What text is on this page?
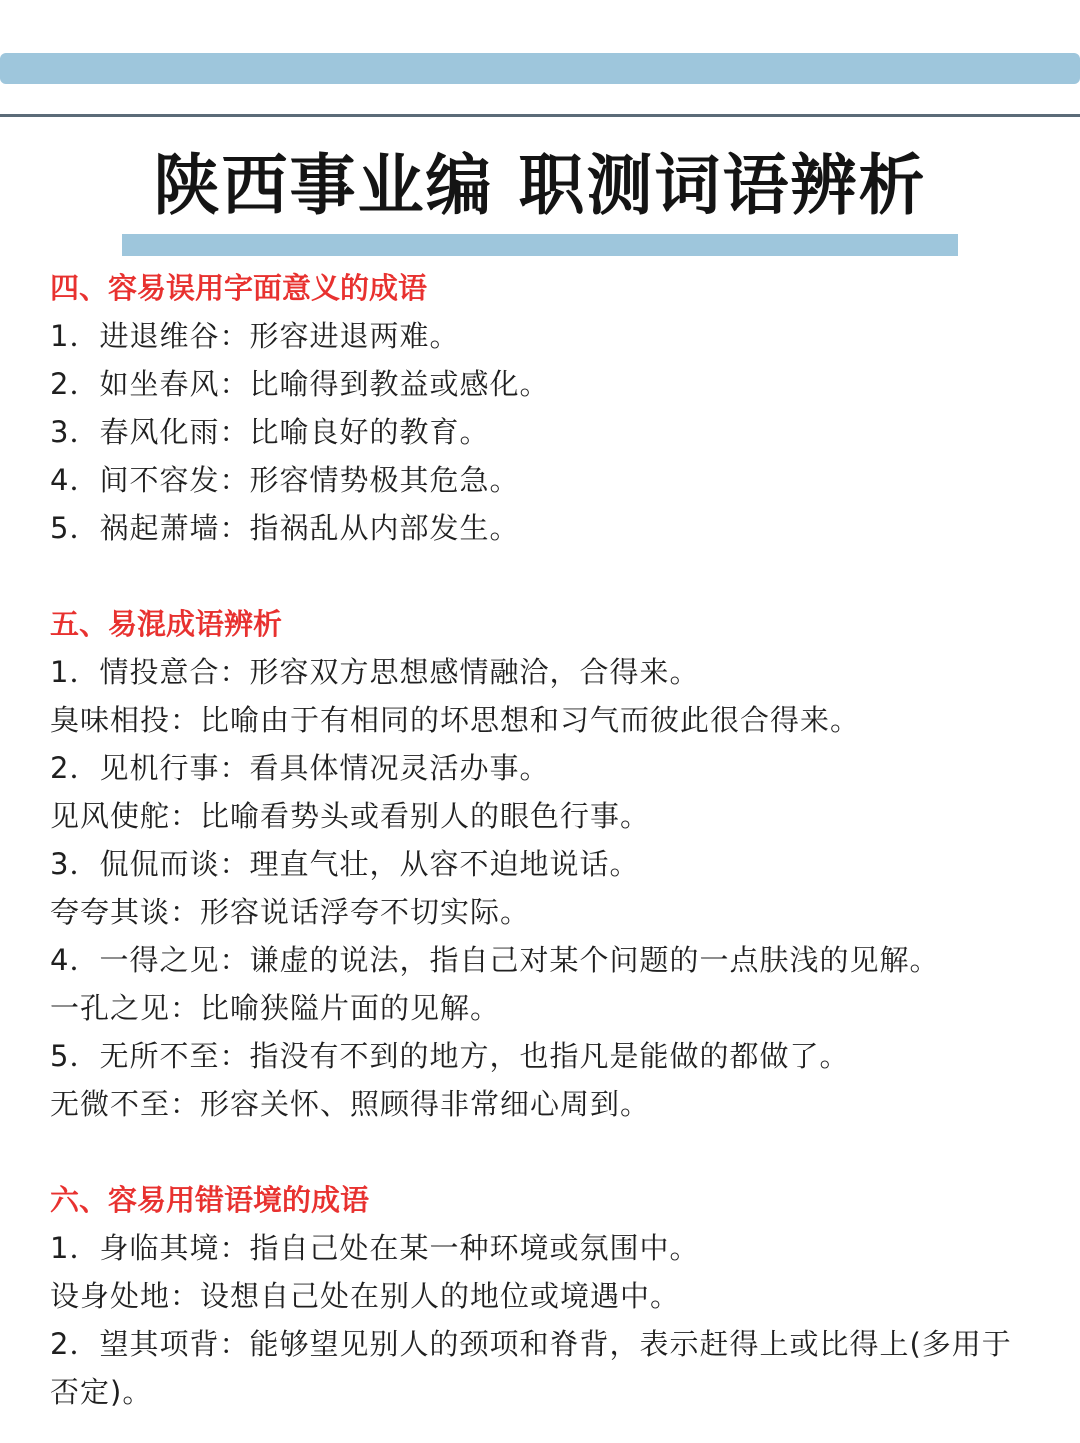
陕西事业编 职测词语辨析
四、容易误用字面意义的成语
1．进退维谷：形容进退两难。
2．如坐春风：比喻得到教益或感化。
3．春风化雨：比喻良好的教育。
4．间不容发：形容情势极其危急。
5．祸起萧墙：指祸乱从内部发生。
五、易混成语辨析
1．情投意合：形容双方思想感情融洽，合得来。
臭味相投：比喻由于有相同的坏思想和习气而彼此很合得来。
2．见机行事：看具体情况灵活办事。
见风使舵：比喻看势头或看别人的眼色行事。
3．侃侃而谈：理直气壮，从容不迫地说话。
夸夸其谈：形容说话浮夸不切实际。
4．一得之见：谦虚的说法，指自己对某个问题的一点肤浅的见解。
一孔之见：比喻狭隘片面的见解。
5．无所不至：指没有不到的地方，也指凡是能做的都做了。
无微不至：形容关怀、照顾得非常细心周到。
六、容易用错语境的成语
1．身临其境：指自己处在某一种环境或氛围中。
设身处地：设想自己处在别人的地位或境遇中。
2．望其项背：能够望见别人的颈项和脊背，表示赶得上或比得上(多用于否定)。
